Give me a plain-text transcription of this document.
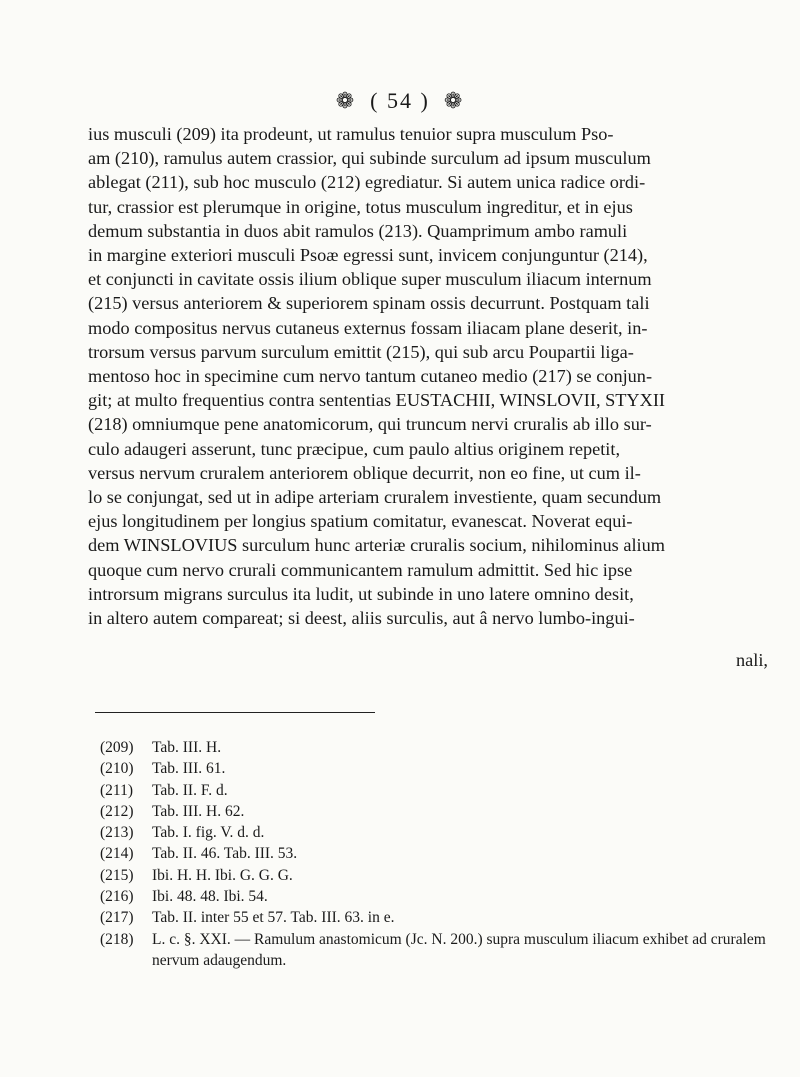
❁ ( 54 ) ❁

ius musculi (209) ita prodeunt, ut ramulus tenuior supra musculum Pso-

am (210), ramulus autem crassior, qui subinde surculum ad ipsum musculum

ablegat (211), sub hoc musculo (212) egrediatur. Si autem unica radice ordi-

tur, crassior est plerumque in origine, totus musculum ingreditur, et in ejus

demum substantia in duos abit ramulos (213). Quamprimum ambo ramuli

in margine exteriori musculi Psoæ egressi sunt, invicem conjunguntur (214),

et conjuncti in cavitate ossis ilium oblique super musculum iliacum internum

(215) versus anteriorem & superiorem spinam ossis decurrunt. Postquam tali

modo compositus nervus cutaneus externus fossam iliacam plane deserit, in-

trorsum versus parvum surculum emittit (215), qui sub arcu Poupartii liga-

mentoso hoc in specimine cum nervo tantum cutaneo medio (217) se conjun-

git; at multo frequentius contra sententias EUSTACHII, WINSLOVII, STYXII

(218) omniumque pene anatomicorum, qui truncum nervi cruralis ab illo sur-

culo adaugeri asserunt, tunc præcipue, cum paulo altius originem repetit,

versus nervum cruralem anteriorem oblique decurrit, non eo fine, ut cum il-

lo se conjungat, sed ut in adipe arteriam cruralem investiente, quam secundum

ejus longitudinem per longius spatium comitatur, evanescat. Noverat equi-

dem WINSLOVIUS surculum hunc arteriæ cruralis socium, nihilominus alium

quoque cum nervo crurali communicantem ramulum admittit. Sed hic ipse

introrsum migrans surculus ita ludit, ut subinde in uno latere omnino desit,

in altero autem compareat; si deest, aliis surculis, aut â nervo lumbo-ingui-

nali,
(209)	Tab. III. H.
(210)	Tab. III. 61.
(211)	Tab. II. F. d.
(212)	Tab. III. H. 62.
(213)	Tab. I. fig. V. d. d.
(214)	Tab. II. 46. Tab. III. 53.
(215)	Ibi. H. H. Ibi. G. G. G.
(216)	Ibi. 48. 48. Ibi. 54.
(217)	Tab. II. inter 55 et 57. Tab. III. 63. in e.
(218)	L. c. §. XXI. — Ramulum anastomicum (Jc. N. 200.) supra musculum iliacum exhibet ad cruralem nervum adaugendum.
